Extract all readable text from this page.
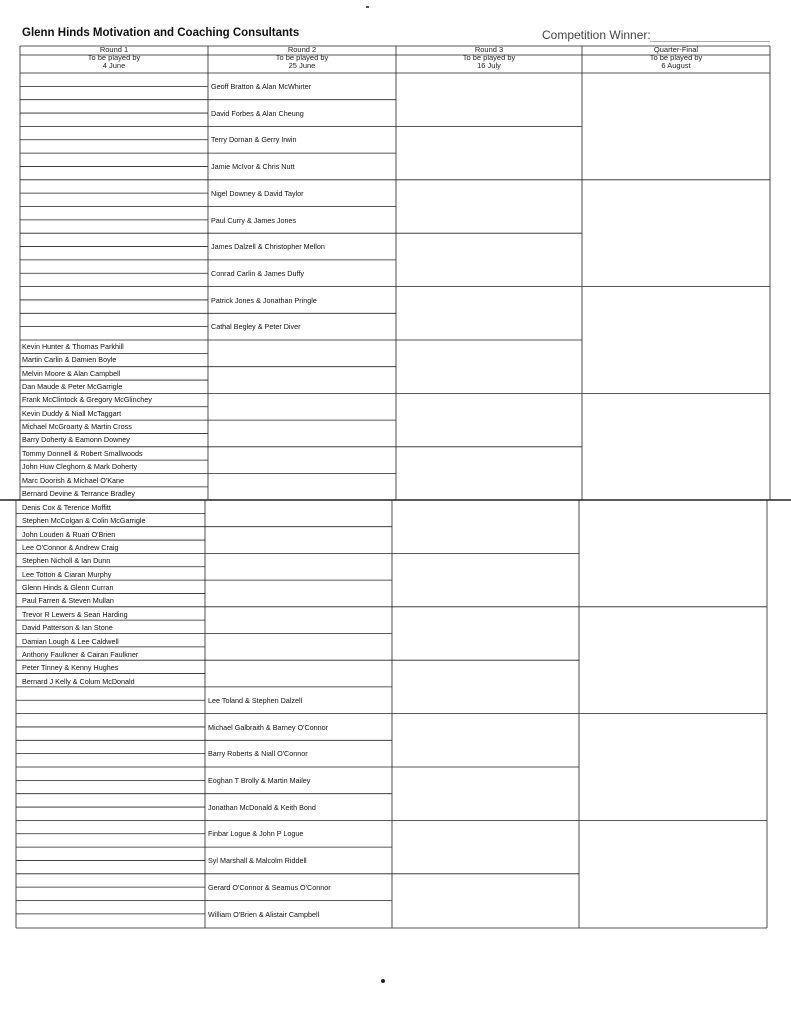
Glenn Hinds Motivation and Coaching Consultants	Competition Winner:
Round 1
To be played by
4 June
Round 2
To be played by
25 June
Round 3
To be played by
16 July
Quarter-Final
To be played by
6 August
Kevin Hunter & Thomas Parkhill
Martin Carlin & Damien Boyle
Melvin Moore & Alan Campbell
Dan Maude & Peter McGarrigle
Frank McClintock & Gregory McGlinchey
Kevin Duddy & Niall McTaggart
Michael McGroarty & Martin Cross
Barry Doherty & Eamonn Downey
Tommy Donnell & Robert Smallwoods
John Huw Cleghorn & Mark Doherty
Marc Doorish & Michael O'Kane
Bernard Devine & Terrance Bradley
Geoff Bratton & Alan McWhirter
David Forbes & Alan Cheung
Terry Dornan & Gerry Irwin
Jamie McIvor & Chris Nutt
Nigel Downey & David Taylor
Paul Curry & James Jones
James Dalzell & Christopher Mellon
Conrad Carlin & James Duffy
Patrick Jones & Jonathan Pringle
Cathal Begley & Peter Diver
Denis Cox & Terence Moffitt
Stephen McColgan & Colin McGarrigle
John Louden & Ruari O'Brien
Lee O'Connor & Andrew Craig
Stephen Nicholl & Ian Dunn
Lee Totton & Ciaran Murphy
Glenn Hinds & Glenn Curran
Paul Farren & Steven Mullan
Trevor R Lewers & Sean Harding
David Patterson & Ian Stone
Damian Lough & Lee Caldwell
Anthony Faulkner & Cairan Faulkner
Peter Tinney & Kenny Hughes
Bernard J Kelly & Colum McDonald
Lee Toland & Stephen Dalzell
Michael Galbraith & Barney O'Connor
Barry Roberts & Niall O'Connor
Eoghan T Brolly & Martin Mailey
Jonathan McDonald & Keith Bond
Finbar Logue & John P Logue
Syl Marshall & Malcolm Riddell
Gerard O'Connor & Seamus O'Connor
William O'Brien & Alistair Campbell
